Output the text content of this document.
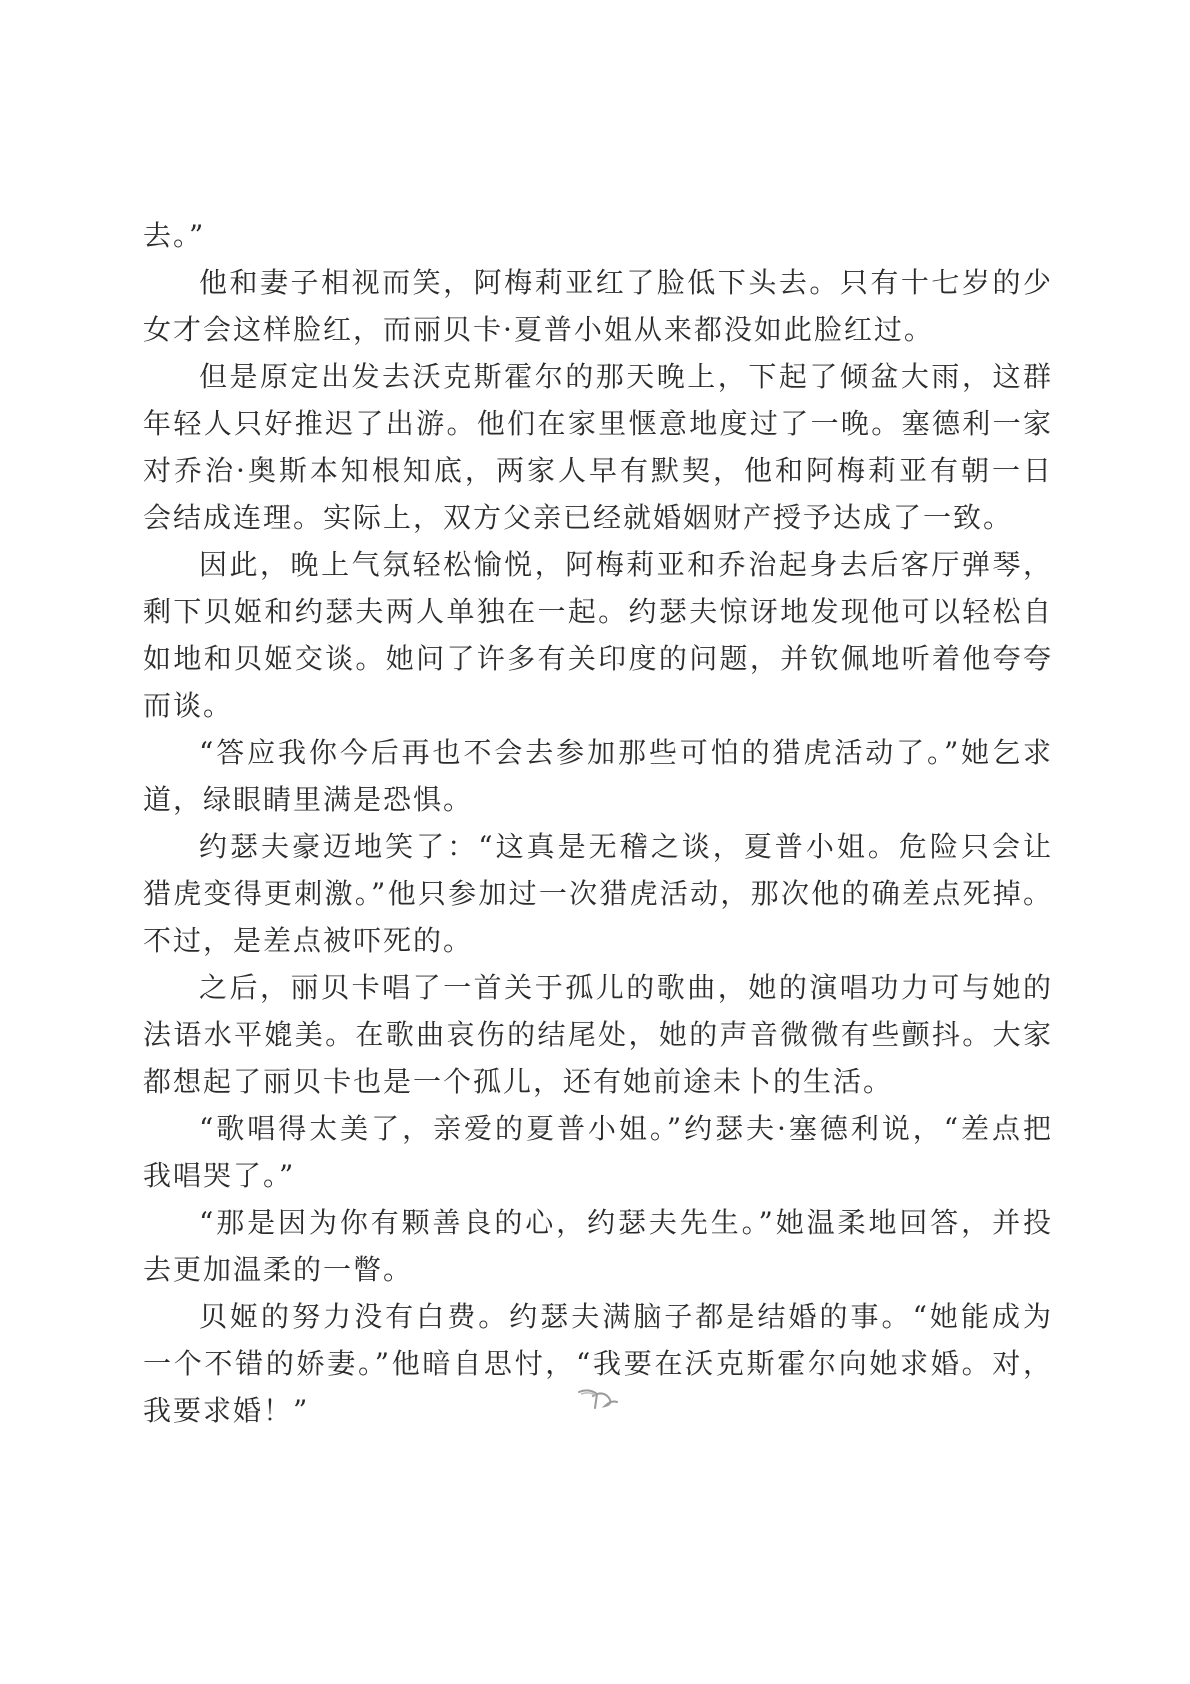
去。”

他和妻子相视而笑，阿梅莉亚红了脸低下头去。只有十七岁的少女才会这样脸红，而丽贝卡·夏普小姐从来都没如此脸红过。

但是原定出发去沃克斯霍尔的那天晚上，下起了倾盆大雨，这群年轻人只好推迟了出游。他们在家里惬意地度过了一晚。塞德利一家对乔治·奥斯本知根知底，两家人早有默契，他和阿梅莉亚有朝一日会结成连理。实际上，双方父亲已经就婚姻财产授予达成了一致。

因此，晚上气氛轻松愉悦，阿梅莉亚和乔治起身去后客厅弹琴，剩下贝姬和约瑟夫两人单独在一起。约瑟夫惊讶地发现他可以轻松自如地和贝姬交谈。她问了许多有关印度的问题，并钦佩地听着他夸夸而谈。

“答应我你今后再也不会去参加那些可怕的猎虎活动了。”她乞求道，绿眼睛里满是恐惧。

约瑟夫豪迈地笑了：“这真是无稽之谈，夏普小姐。危险只会让猎虎变得更刺激。”他只参加过一次猎虎活动，那次他的确差点死掉。不过，是差点被吓死的。

之后，丽贝卡唱了一首关于孤儿的歌曲，她的演唱功力可与她的法语水平媲美。在歌曲哀伤的结尾处，她的声音微微有些颤抖。大家都想起了丽贝卡也是一个孤儿，还有她前途未卜的生活。

“歌唱得太美了，亲爱的夏普小姐。”约瑟夫·塞德利说，“差点把我唱哭了。”

“那是因为你有颗善良的心，约瑟夫先生。”她温柔地回答，并投去更加温柔的一瞥。

贝姬的努力没有白费。约瑟夫满脑子都是结婚的事。“她能成为一个不错的娇妻。”他暗自思忖，“我要在沃克斯霍尔向她求婚。对，我要求婚！”
